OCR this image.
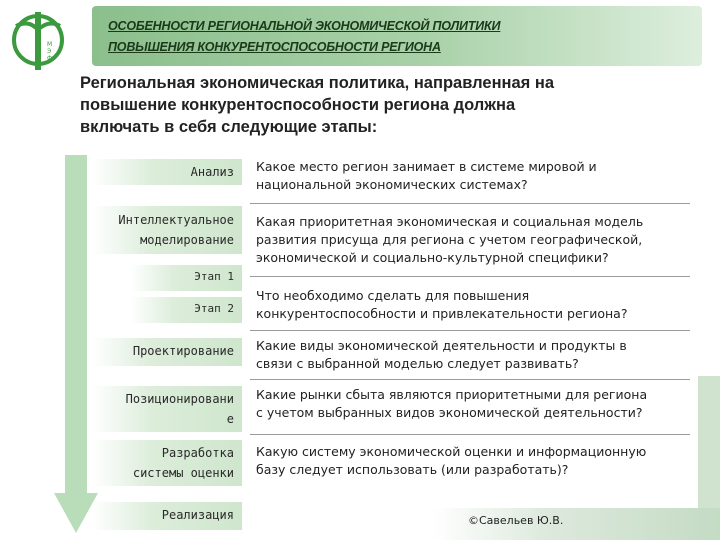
ОСОБЕННОСТИ РЕГИОНАЛЬНОЙ ЭКОНОМИЧЕСКОЙ ПОЛИТИКИ
ПОВЫШЕНИЯ КОНКУРЕНТОСПОСОБНОСТИ РЕГИОНА
М
Э
Ф
Региональная экономическая политика, направленная на
повышение конкурентоспособности региона должна
включать в себя следующие этапы:
Анализ
Интеллектуальное
моделирование
Этап 1
Этап 2
Проектирование
Позиционировани
е
Разработка
системы оценки
Реализация
Какое место регион занимает в системе мировой и
национальной экономических системах?
Какая приоритетная экономическая и социальная модель
развития присуща для региона с учетом географической,
экономической и социально-культурной специфики?
Что необходимо сделать для повышения
конкурентоспособности и привлекательности региона?
Какие виды экономической деятельности и продукты в
связи с выбранной моделью следует развивать?
Какие рынки сбыта являются приоритетными для региона
с учетом выбранных видов экономической деятельности?
Какую систему экономической оценки и информационную
базу следует использовать (или разработать)?
©Савельев Ю.В.
